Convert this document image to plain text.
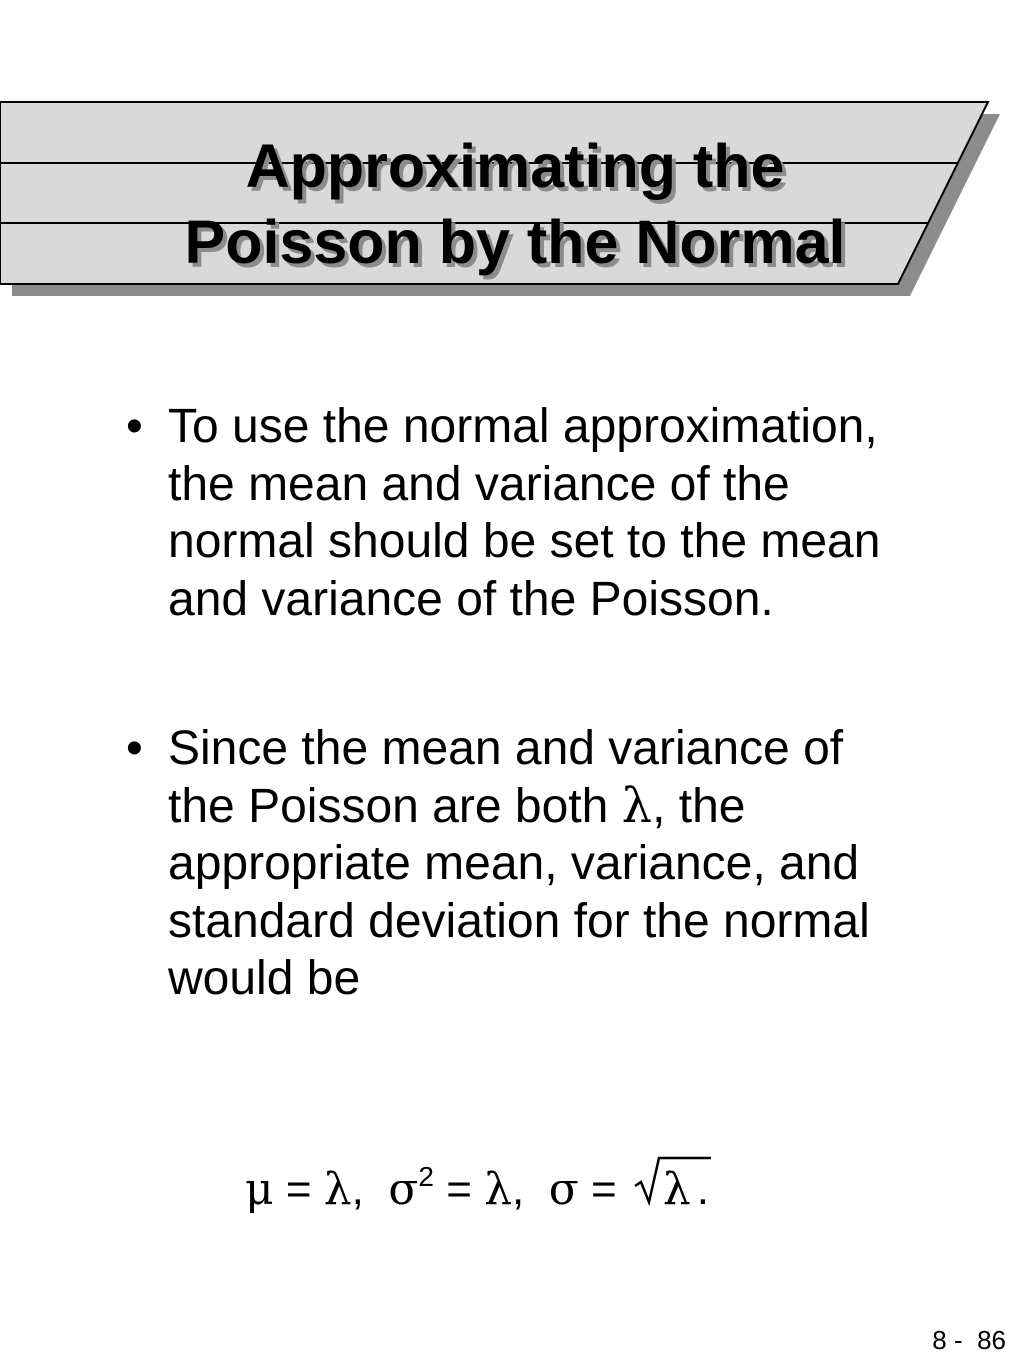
Approximating the
Poisson by the Normal
• To use the normal approximation, the mean and variance of the normal should be set to the mean and variance of the Poisson.
• Since the mean and variance of the Poisson are both λ, the appropriate mean, variance, and standard deviation for the normal would be
μ = λ,  $\sigma^2 = \lambda$,  σ =
λ .
8 -  86
